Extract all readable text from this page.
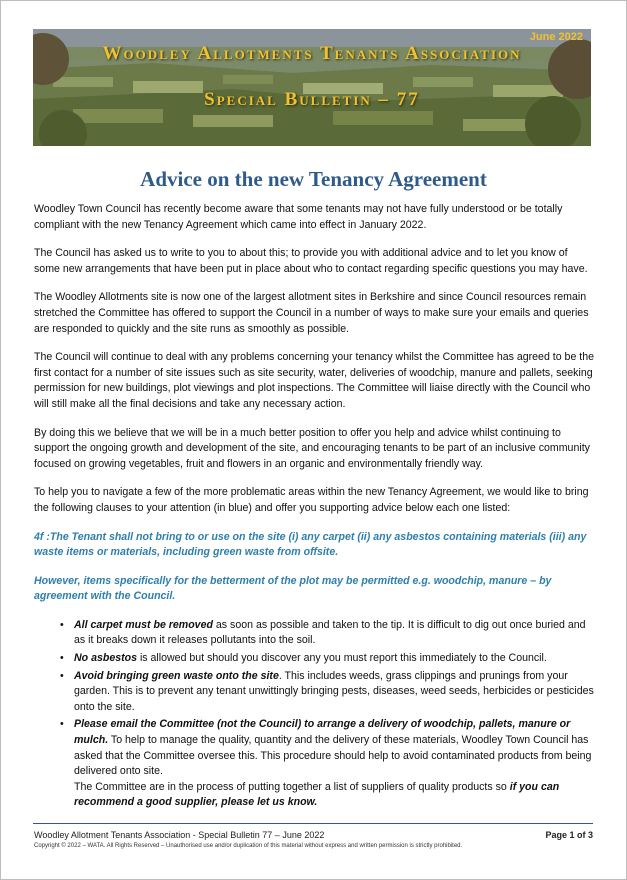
June 2022
Woodley Allotments Tenants Association
Special Bulletin – 77
Advice on the new Tenancy Agreement

Woodley Town Council has recently become aware that some tenants may not have fully understood or be totally compliant with the new Tenancy Agreement which came into effect in January 2022.

The Council has asked us to write to you to about this; to provide you with additional advice and to let you know of some new arrangements that have been put in place about who to contact regarding specific questions you may have.

The Woodley Allotments site is now one of the largest allotment sites in Berkshire and since Council resources remain stretched the Committee has offered to support the Council in a number of ways to make sure your emails and queries are responded to quickly and the site runs as smoothly as possible.

The Council will continue to deal with any problems concerning your tenancy whilst the Committee has agreed to be the first contact for a number of site issues such as site security, water, deliveries of woodchip, manure and pallets, seeking permission for new buildings, plot viewings and plot inspections. The Committee will liaise directly with the Council who will still make all the final decisions and take any necessary action.

By doing this we believe that we will be in a much better position to offer you help and advice whilst continuing to support the ongoing growth and development of the site, and encouraging tenants to be part of an inclusive community focused on growing vegetables, fruit and flowers in an organic and environmentally friendly way.

To help you to navigate a few of the more problematic areas within the new Tenancy Agreement, we would like to bring the following clauses to your attention (in blue) and offer you supporting advice below each one listed:

4f :The Tenant shall not bring to or use on the site (i) any carpet (ii) any asbestos containing materials (iii) any waste items or materials, including green waste from offsite.

However, items specifically for the betterment of the plot may be permitted e.g. woodchip, manure – by agreement with the Council.

• All carpet must be removed as soon as possible and taken to the tip. It is difficult to dig out once buried and as it breaks down it releases pollutants into the soil.
• No asbestos is allowed but should you discover any you must report this immediately to the Council.
• Avoid bringing green waste onto the site. This includes weeds, grass clippings and prunings from your garden. This is to prevent any tenant unwittingly bringing pests, diseases, weed seeds, herbicides or pesticides onto the site.
• Please email the Committee (not the Council) to arrange a delivery of woodchip, pallets, manure or mulch. To help to manage the quality, quantity and the delivery of these materials, Woodley Town Council has asked that the Committee oversee this. This procedure should help to avoid contaminated products from being delivered onto site.
The Committee are in the process of putting together a list of suppliers of quality products so if you can recommend a good supplier, please let us know.
Woodley Allotment Tenants Association - Special Bulletin 77 – June 2022	Page 1 of 3
Copyright © 2022 – WATA. All Rights Reserved – Unauthorised use and/or duplication of this material without express and written permission is strictly prohibited.
